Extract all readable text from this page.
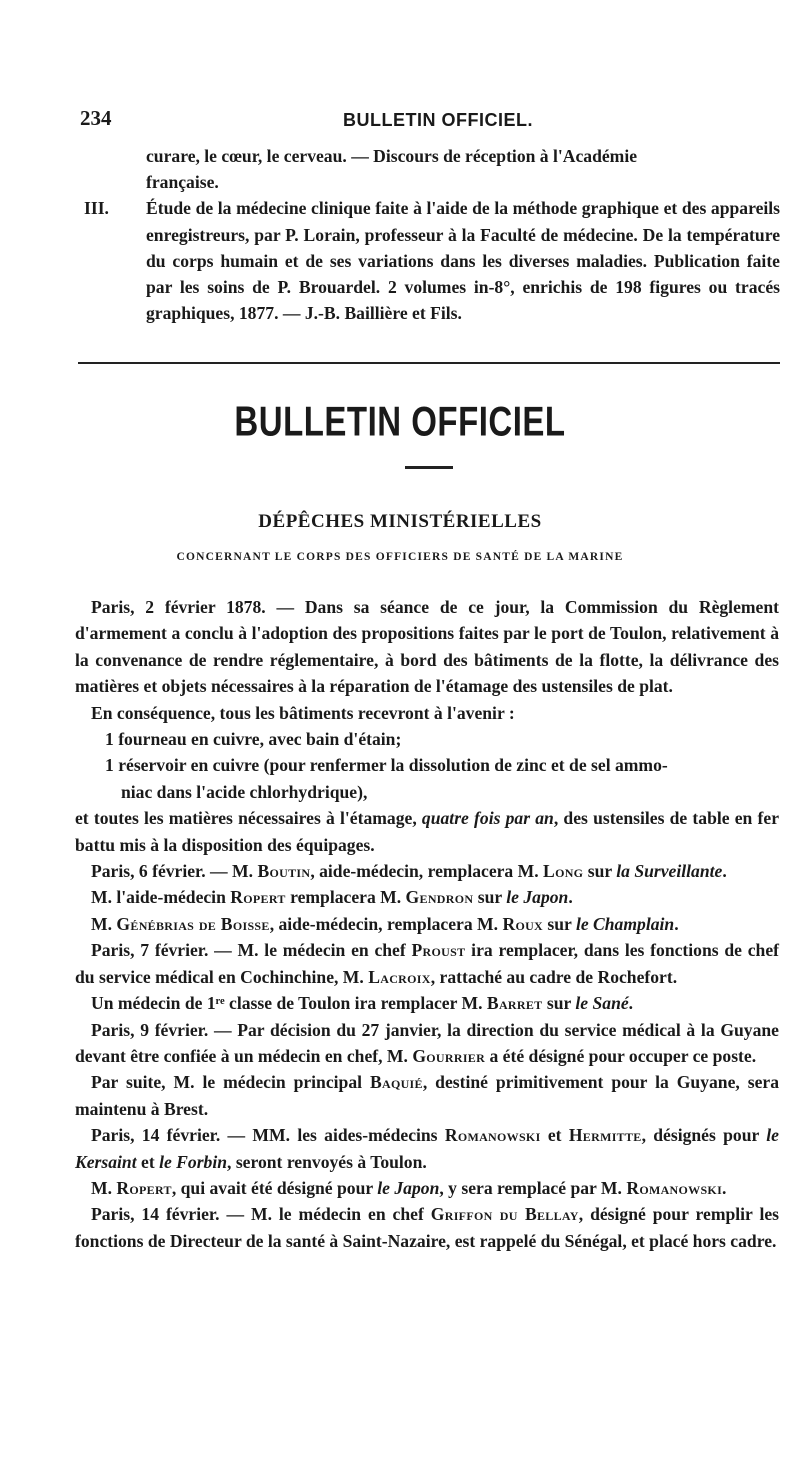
234	BULLETIN OFFICIEL.

curare, le cœur, le cerveau. — Discours de réception à l'Académie

française.

III. Étude de la médecine clinique faite à l'aide de la méthode graphique et des appareils enregistreurs, par P. Lorain, professeur à la Faculté de médecine. De la température du corps humain et de ses variations dans les diverses maladies. Publication faite par les soins de P. Brouardel. 2 volumes in-8°, enrichis de 198 figures ou tracés graphiques, 1877. — J.-B. Baillière et Fils.

BULLETIN OFFICIEL
DÉPÊCHES MINISTÉRIELLES
CONCERNANT LE CORPS DES OFFICIERS DE SANTÉ DE LA MARINE

Paris, 2 février 1878. — Dans sa séance de ce jour, la Commission du Règlement d'armement a conclu à l'adoption des propositions faites par le port de Toulon, relativement à la convenance de rendre réglementaire, à bord des bâtiments de la flotte, la délivrance des matières et objets nécessaires à la réparation de l'étamage des ustensiles de plat.

En conséquence, tous les bâtiments recevront à l'avenir :

1 fourneau en cuivre, avec bain d'étain;

1 réservoir en cuivre (pour renfermer la dissolution de zinc et de sel ammo-

niac dans l'acide chlorhydrique),

et toutes les matières nécessaires à l'étamage, quatre fois par an, des ustensiles de table en fer battu mis à la disposition des équipages.

Paris, 6 février. — M. Boutin, aide-médecin, remplacera M. Long sur la Surveillante.

M. l'aide-médecin Ropert remplacera M. Gendron sur le Japon.

M. Génébrias de Boisse, aide-médecin, remplacera M. Roux sur le Champlain.

Paris, 7 février. — M. le médecin en chef Proust ira remplacer, dans les fonctions de chef du service médical en Cochinchine, M. Lacroix, rattaché au cadre de Rochefort.

Un médecin de 1ʳᵉ classe de Toulon ira remplacer M. Barret sur le Sané.

Paris, 9 février. — Par décision du 27 janvier, la direction du service médical à la Guyane devant être confiée à un médecin en chef, M. Gourrier a été désigné pour occuper ce poste.

Par suite, M. le médecin principal Baquié, destiné primitivement pour la Guyane, sera maintenu à Brest.

Paris, 14 février. — MM. les aides-médecins Romanowski et Hermitte, désignés pour le Kersaint et le Forbin, seront renvoyés à Toulon.

M. Ropert, qui avait été désigné pour le Japon, y sera remplacé par M. Romanowski.

Paris, 14 février. — M. le médecin en chef Griffon du Bellay, désigné pour remplir les fonctions de Directeur de la santé à Saint-Nazaire, est rappelé du Sénégal, et placé hors cadre.
